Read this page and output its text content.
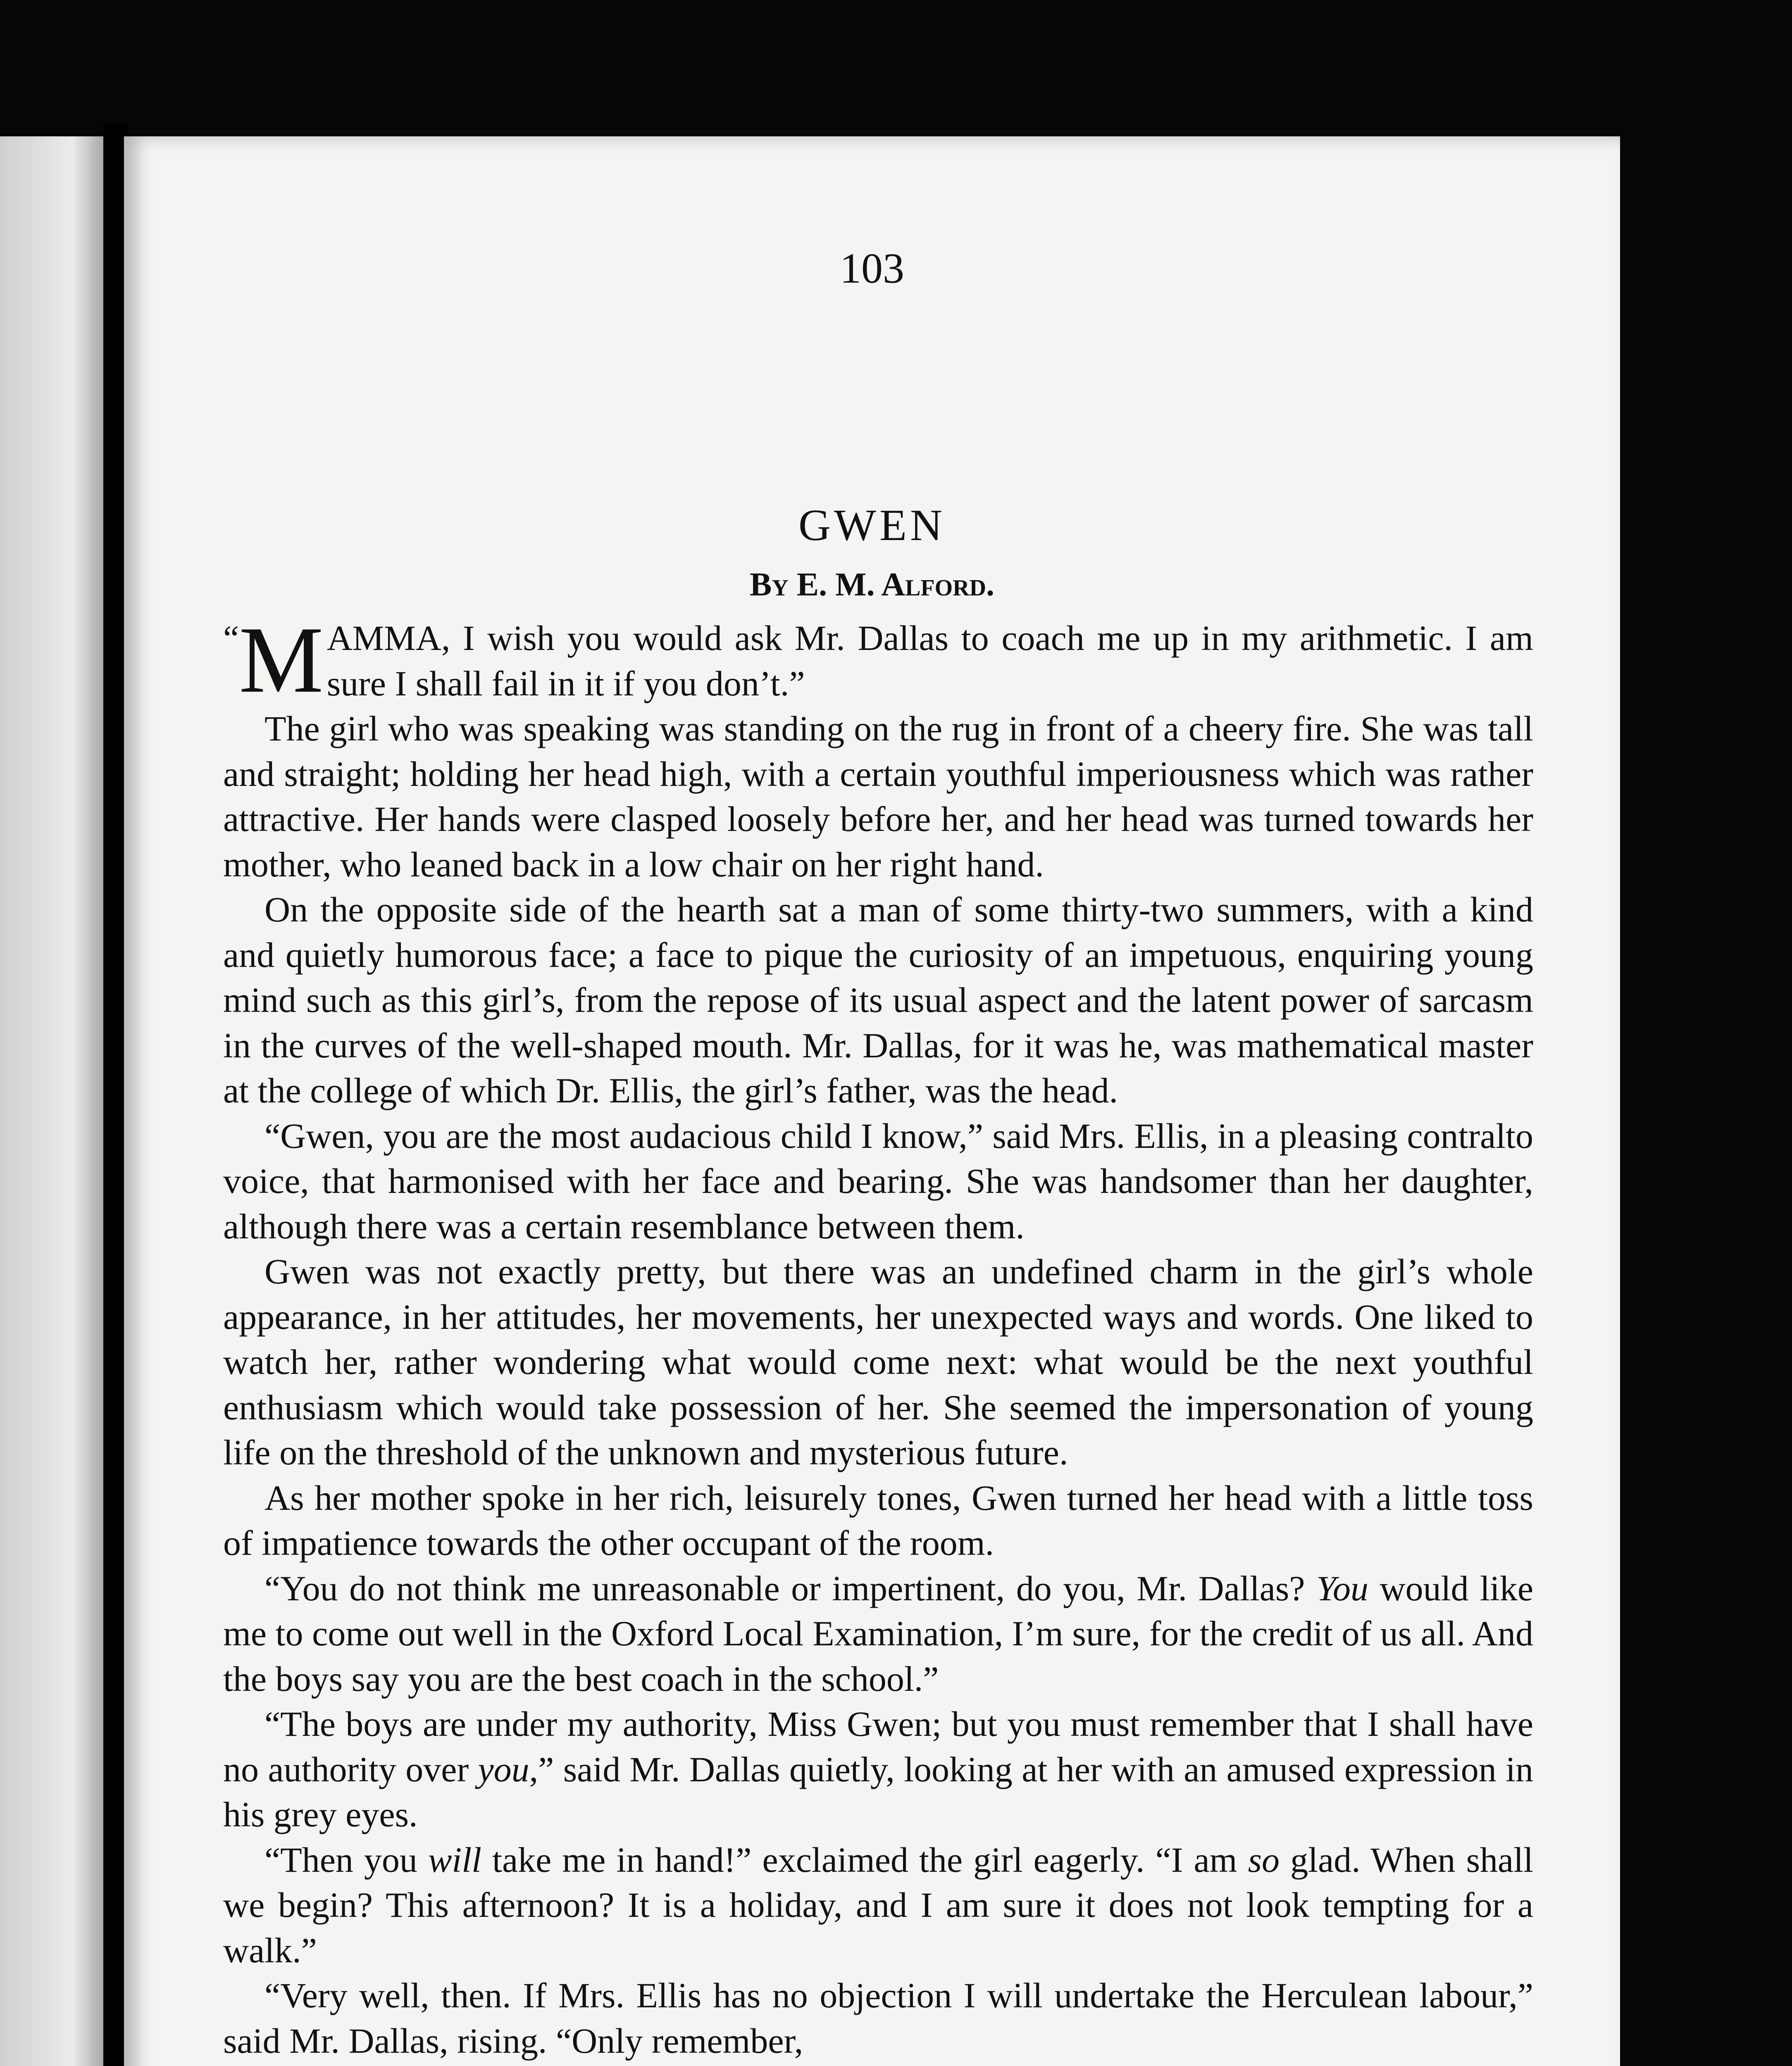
103
GWEN
By E. M. Alford.

“ M AMMA, I wish you would ask Mr. Dallas to coach me up in my arithmetic. I am sure I shall fail in it if you don’t.”

The girl who was speaking was standing on the rug in front of a cheery fire. She was tall and straight; holding her head high, with a certain youthful imperiousness which was rather attractive. Her hands were clasped loosely before her, and her head was turned towards her mother, who leaned back in a low chair on her right hand.

On the opposite side of the hearth sat a man of some thirty-two summers, with a kind and quietly humorous face; a face to pique the curiosity of an impetuous, enquiring young mind such as this girl’s, from the repose of its usual aspect and the latent power of sarcasm in the curves of the well-shaped mouth. Mr. Dallas, for it was he, was mathematical master at the college of which Dr. Ellis, the girl’s father, was the head.

“Gwen, you are the most audacious child I know,” said Mrs. Ellis, in a pleasing contralto voice, that harmonised with her face and bearing. She was handsomer than her daughter, although there was a certain resemblance between them.

Gwen was not exactly pretty, but there was an undefined charm in the girl’s whole appearance, in her attitudes, her movements, her unexpected ways and words. One liked to watch her, rather wondering what would come next: what would be the next youthful enthusiasm which would take possession of her. She seemed the impersonation of young life on the threshold of the unknown and mysterious future.

As her mother spoke in her rich, leisurely tones, Gwen turned her head with a little toss of impatience towards the other occupant of the room.

“You do not think me unreasonable or impertinent, do you, Mr. Dallas? You would like me to come out well in the Oxford Local Examination, I’m sure, for the credit of us all. And the boys say you are the best coach in the school.”

“The boys are under my authority, Miss Gwen; but you must remember that I shall have no authority over you,” said Mr. Dallas quietly, looking at her with an amused expression in his grey eyes.

“Then you will take me in hand!” exclaimed the girl eagerly. “I am so glad. When shall we begin? This afternoon? It is a holiday, and I am sure it does not look tempting for a walk.”

“Very well, then. If Mrs. Ellis has no objection I will undertake the Herculean labour,” said Mr. Dallas, rising. “Only remember,
